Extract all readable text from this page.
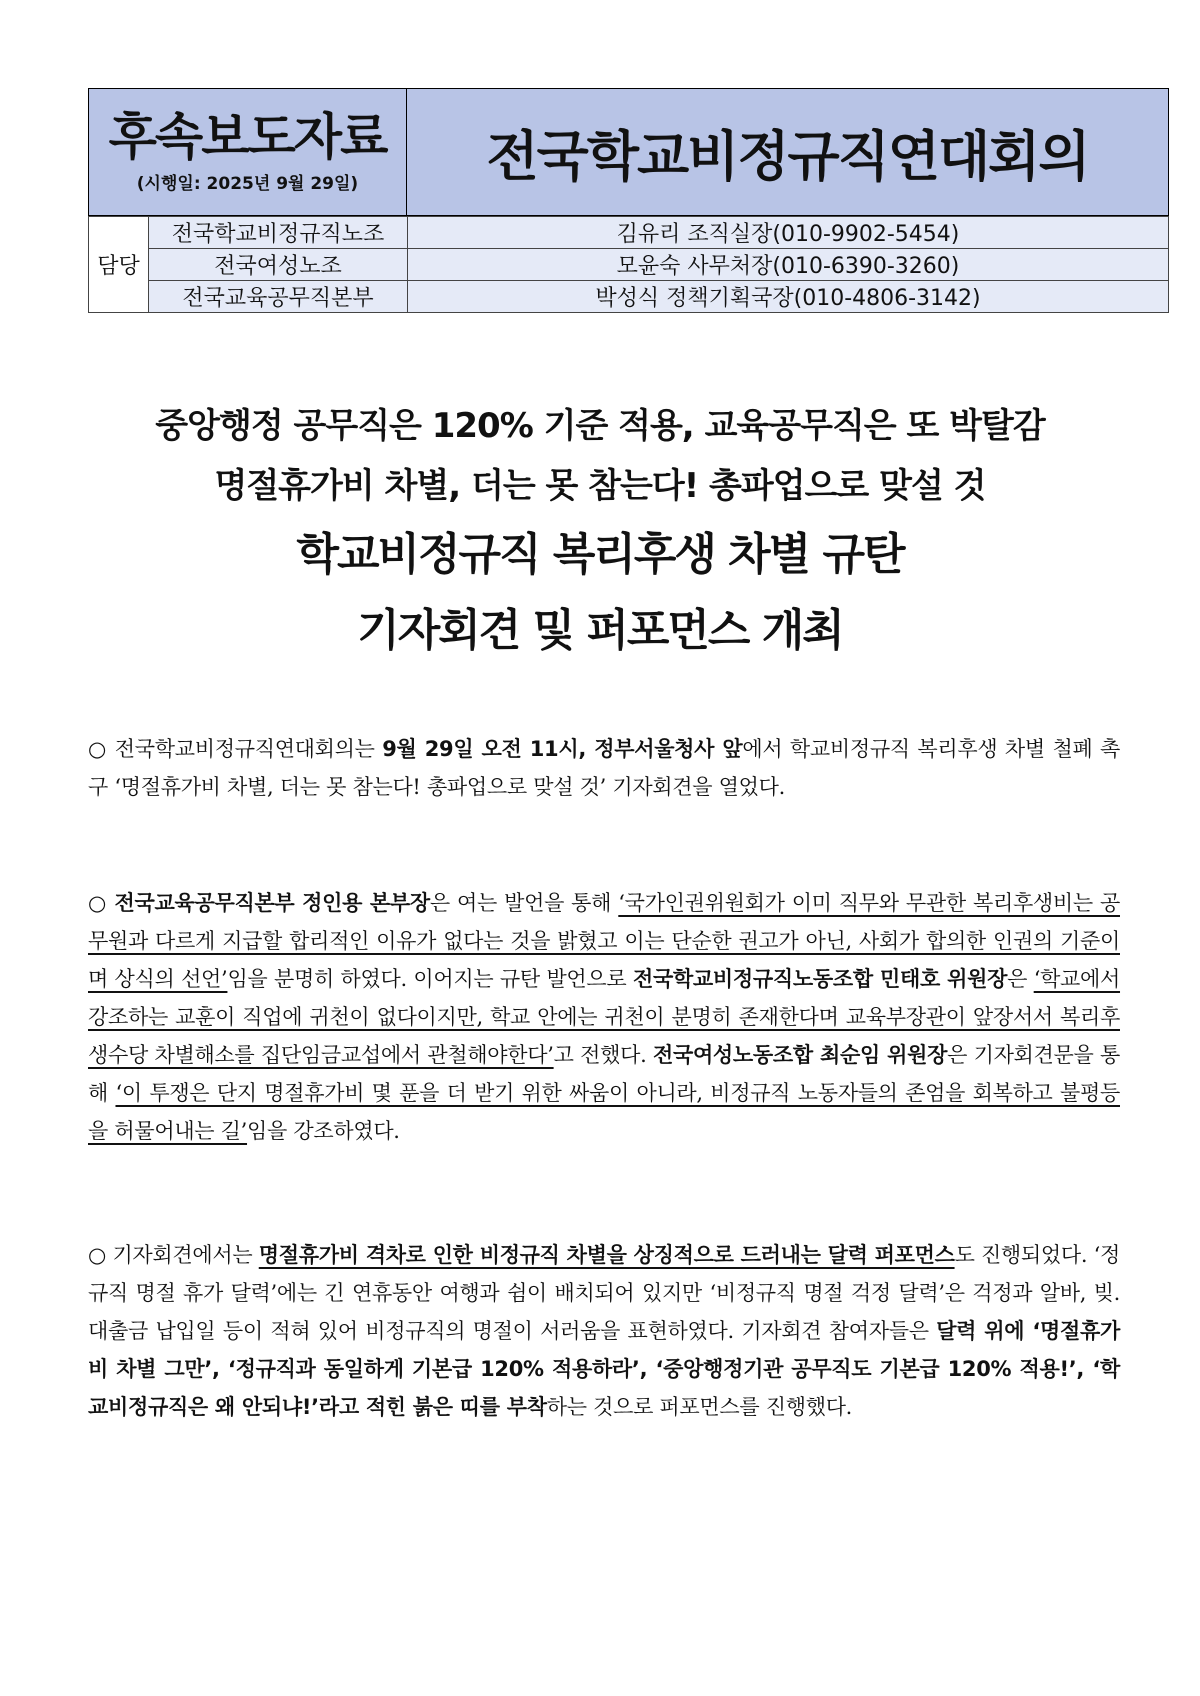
후속보도자료
(시행일: 2025년 9월 29일)	전국학교비정규직연대회의
담당	전국학교비정규직노조	김유리 조직실장(010-9902-5454)
	전국여성노조	모윤숙 사무처장(010-6390-3260)
	전국교육공무직본부	박성식 정책기획국장(010-4806-3142)
중앙행정 공무직은 120% 기준 적용, 교육공무직은 또 박탈감
명절휴가비 차별, 더는 못 참는다! 총파업으로 맞설 것
학교비정규직 복리후생 차별 규탄
기자회견 및 퍼포먼스 개최
○ 전국학교비정규직연대회의는 9월 29일 오전 11시, 정부서울청사 앞에서 학교비정규직 복리후생 차별 철폐 촉구 ‘명절휴가비 차별, 더는 못 참는다! 총파업으로 맞설 것’ 기자회견을 열었다.
○ 전국교육공무직본부 정인용 본부장은 여는 발언을 통해 ‘국가인권위원회가 이미 직무와 무관한 복리후생비는 공무원과 다르게 지급할 합리적인 이유가 없다는 것을 밝혔고 이는 단순한 권고가 아닌, 사회가 합의한 인권의 기준이며 상식의 선언’임을 분명히 하였다. 이어지는 규탄 발언으로 전국학교비정규직노동조합 민태호 위원장은 ‘학교에서 강조하는 교훈이 직업에 귀천이 없다이지만, 학교 안에는 귀천이 분명히 존재한다며 교육부장관이 앞장서서 복리후생수당 차별해소를 집단임금교섭에서 관철해야한다’고 전했다. 전국여성노동조합 최순임 위원장은 기자회견문을 통해 ‘이 투쟁은 단지 명절휴가비 몇 푼을 더 받기 위한 싸움이 아니라, 비정규직 노동자들의 존엄을 회복하고 불평등을 허물어내는 길’임을 강조하였다.
○ 기자회견에서는 명절휴가비 격차로 인한 비정규직 차별을 상징적으로 드러내는 달력 퍼포먼스도 진행되었다. ‘정규직 명절 휴가 달력’에는 긴 연휴동안 여행과 쉼이 배치되어 있지만 ‘비정규직 명절 걱정 달력’은 걱정과 알바, 빚. 대출금 납입일 등이 적혀 있어 비정규직의 명절이 서러움을 표현하였다. 기자회견 참여자들은 달력 위에 ‘명절휴가비 차별 그만’, ‘정규직과 동일하게 기본급 120% 적용하라’, ‘중앙행정기관 공무직도 기본급 120% 적용!’, ‘학교비정규직은 왜 안되냐!’라고 적힌 붉은 띠를 부착하는 것으로 퍼포먼스를 진행했다.
